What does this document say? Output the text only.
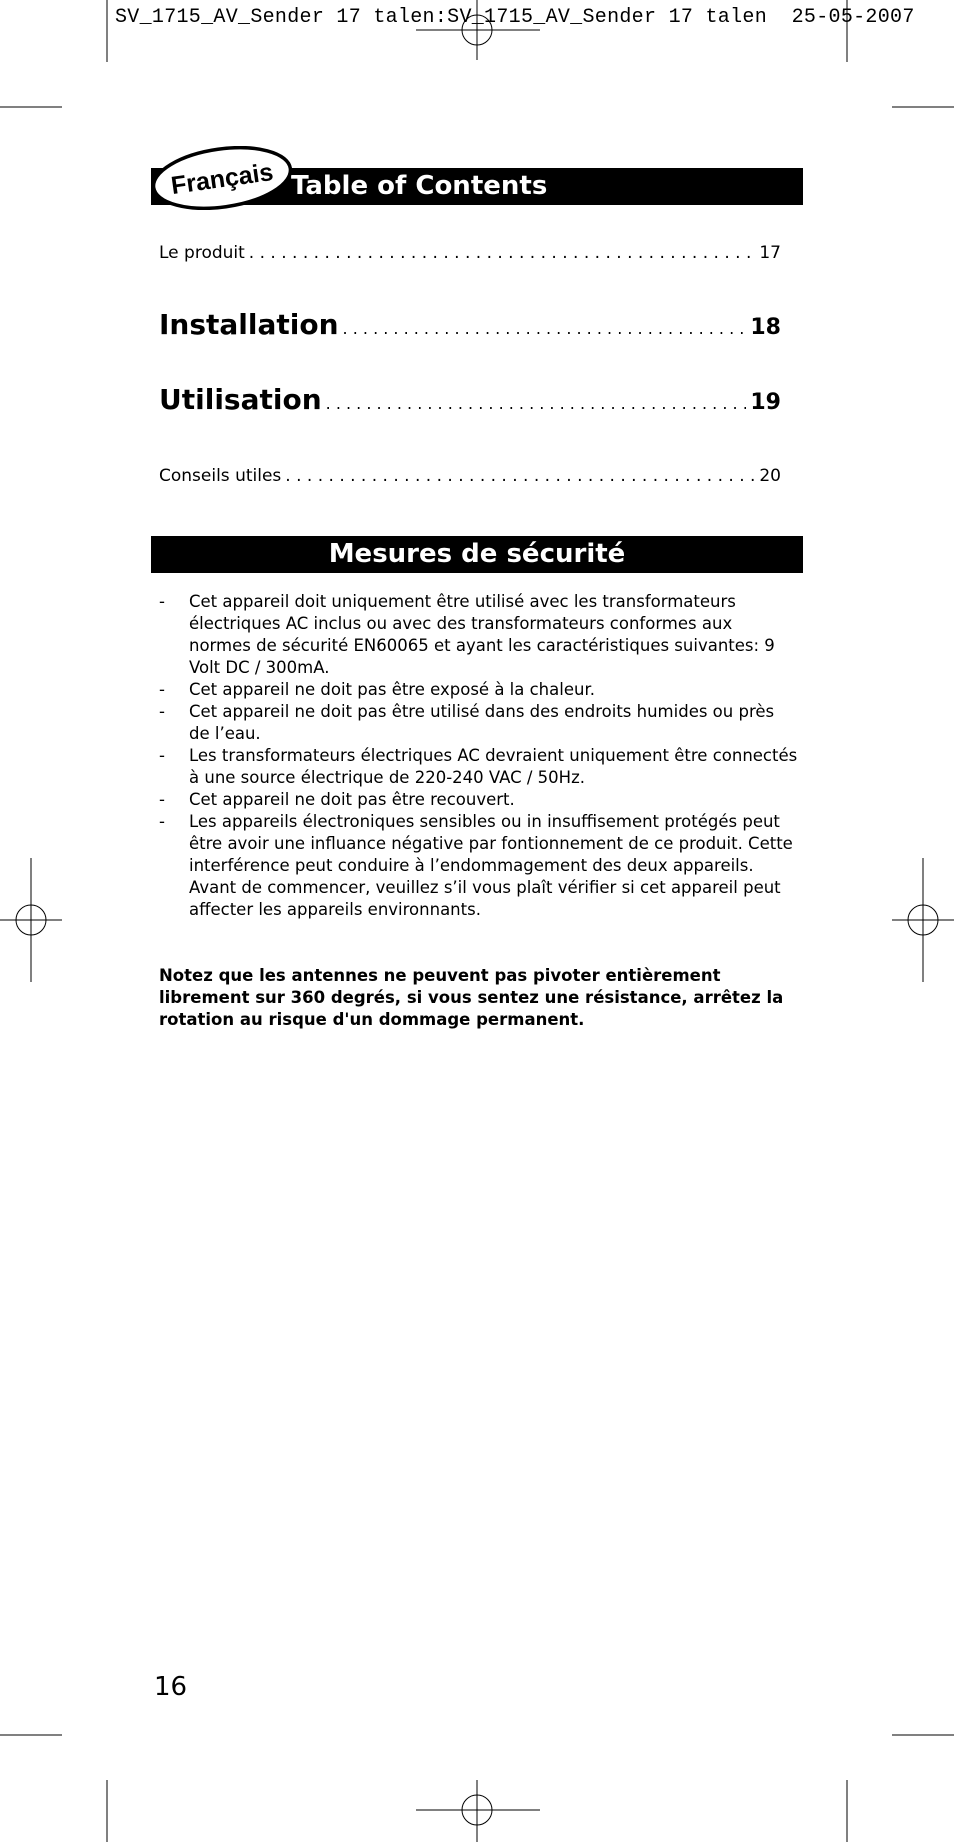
SV_1715_AV_Sender 17 talen:SV_1715_AV_Sender 17 talen  25-05-2007
Table of Contents
Français
Le produit . . .	17
Installation . . .	18
Utilisation . . .	19
Conseils utiles . . .	20
Mesures de sécurité
- Cet appareil doit uniquement être utilisé avec les transformateurs électriques AC inclus ou avec des transformateurs conformes aux normes de sécurité EN60065 et ayant les caractéristiques suivantes: 9 Volt DC / 300mA.
- Cet appareil ne doit pas être exposé à la chaleur.
- Cet appareil ne doit pas être utilisé dans des endroits humides ou près de l’eau.
- Les transformateurs électriques AC devraient uniquement être connectés à une source électrique de 220-240 VAC / 50Hz.
- Cet appareil ne doit pas être recouvert.
- Les appareils électroniques sensibles ou in insuffisement protégés peut être avoir une influance négative par fontionnement de ce produit. Cette interférence peut conduire à l’endommagement des deux appareils. Avant de commencer, veuillez s’il vous plaît vérifier si cet appareil peut affecter les appareils environnants.

Notez que les antennes ne peuvent pas pivoter entièrement librement sur 360 degrés, si vous sentez une résistance, arrêtez la rotation au risque d'un dommage permanent.

16
